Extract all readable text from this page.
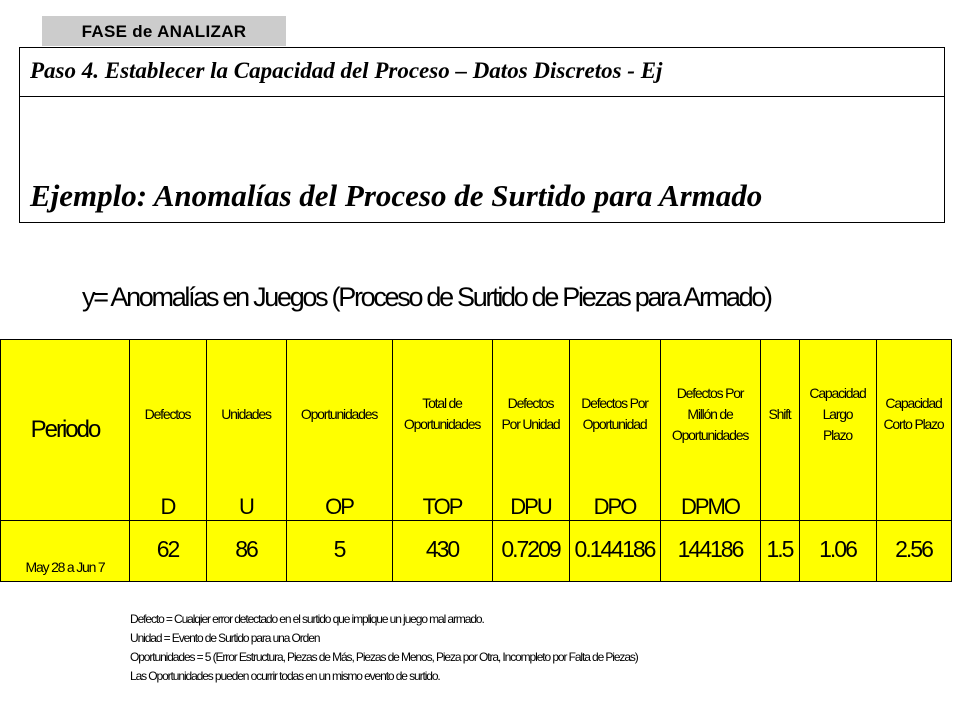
FASE de ANALIZAR
Paso 4. Establecer la Capacidad del Proceso – Datos Discretos - Ej
Ejemplo: Anomalías del Proceso de Surtido para Armado
y= Anomalías en Juegos (Proceso de Surtido de Piezas para Armado)
Periodo
May 28 a Jun 7
Defectos
D
62
Unidades
U
86
Oportunidades
OP
5
Total de
Oportunidades
TOP
430
Defectos
Por Unidad
DPU
0.7209
Defectos Por
Oportunidad
DPO
0.144186
Defectos Por
Millón de
Oportunidades
DPMO
144186
Shift
1.5
Capacidad
Largo
Plazo
1.06
Capacidad
Corto Plazo
2.56
Defecto = Cualqier error detectado en el surtido que implique un juego mal armado.
Unidad = Evento de Surtido para una Orden
Oportunidades = 5 (Error Estructura, Piezas de Más, Piezas de Menos, Pieza por Otra, Incompleto por Falta de Piezas)
Las Oportunidades pueden ocurrir todas en un mismo evento de surtido.
